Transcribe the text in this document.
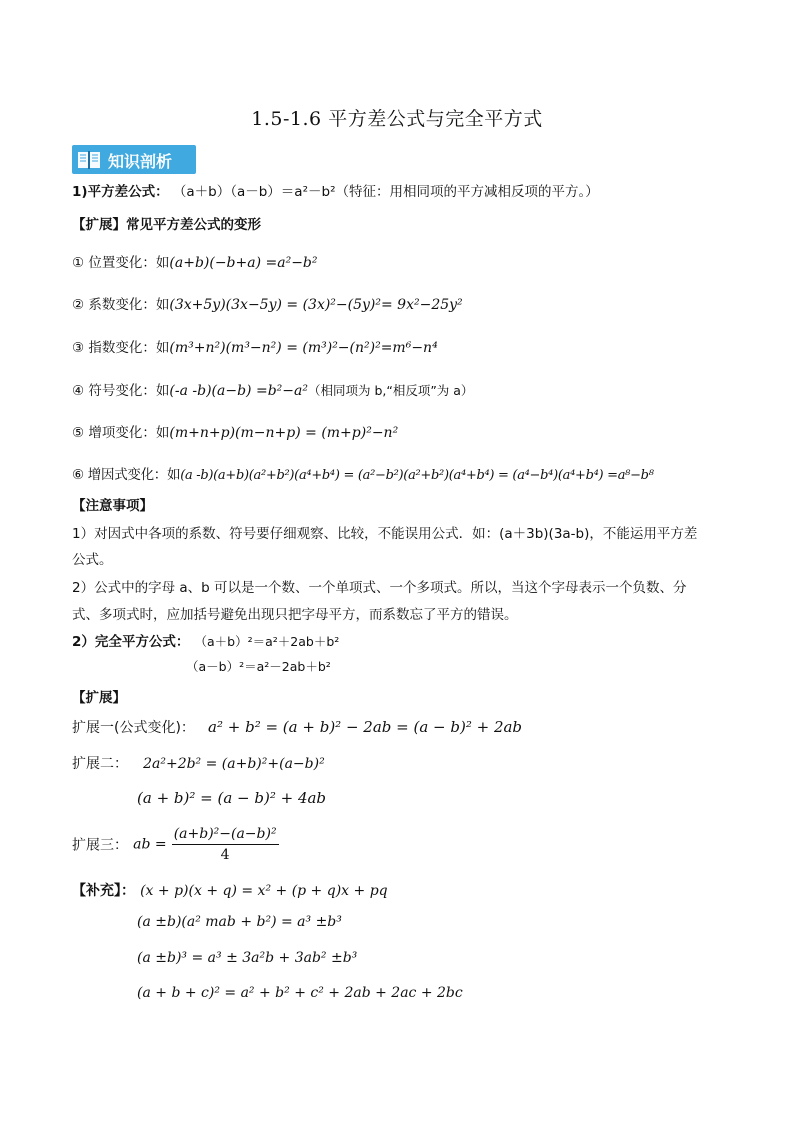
1.5-1.6 平方差公式与完全平方式
知识剖析
1)平方差公式： （a＋b）（a－b）＝a²－b²（特征：用相同项的平方减相反项的平方。）
【扩展】常见平方差公式的变形
① 位置变化：如(a+b)(−b+a) =a²−b²
② 系数变化：如(3x+5y)(3x−5y) = (3x)²−(5y)²= 9x²−25y²
③ 指数变化：如(m³+n²)(m³−n²) = (m³)²−(n²)²=m⁶−n⁴
④ 符号变化：如(-a -b)(a−b) =b²−a²（相同项为 b,“相反项”为 a）
⑤ 增项变化：如(m+n+p)(m−n+p) = (m+p)²−n²
⑥ 增因式变化：如(a -b)(a+b)(a²+b²)(a⁴+b⁴) = (a²−b²)(a²+b²)(a⁴+b⁴) = (a⁴−b⁴)(a⁴+b⁴) =a⁸−b⁸
【注意事项】
1）对因式中各项的系数、符号要仔细观察、比较，不能误用公式．如：(a＋3b)(3a-b)，不能运用平方差
公式。
2）公式中的字母 a、b 可以是一个数、一个单项式、一个多项式。所以，当这个字母表示一个负数、分
式、多项式时，应加括号避免出现只把字母平方，而系数忘了平方的错误。
2）完全平方公式： （a＋b）²＝a²＋2ab＋b²
（a－b）²＝a²－2ab＋b²
【扩展】
扩展一(公式变化)： a² + b² = (a + b)² − 2ab = (a − b)² + 2ab
扩展二： 2a²+2b² = (a+b)²+(a−b)²
(a + b)² = (a − b)² + 4ab
扩展三： ab = $\frac{\text{(a+b)²−(a−b)²}}{4}$
【补充】： (x + p)(x + q) = x² + (p + q)x + pq
(a ±b)(a² mab + b²) = a³ ±b³
(a ±b)³ = a³ ± 3a²b + 3ab² ±b³
(a + b + c)² = a² + b² + c² + 2ab + 2ac + 2bc
